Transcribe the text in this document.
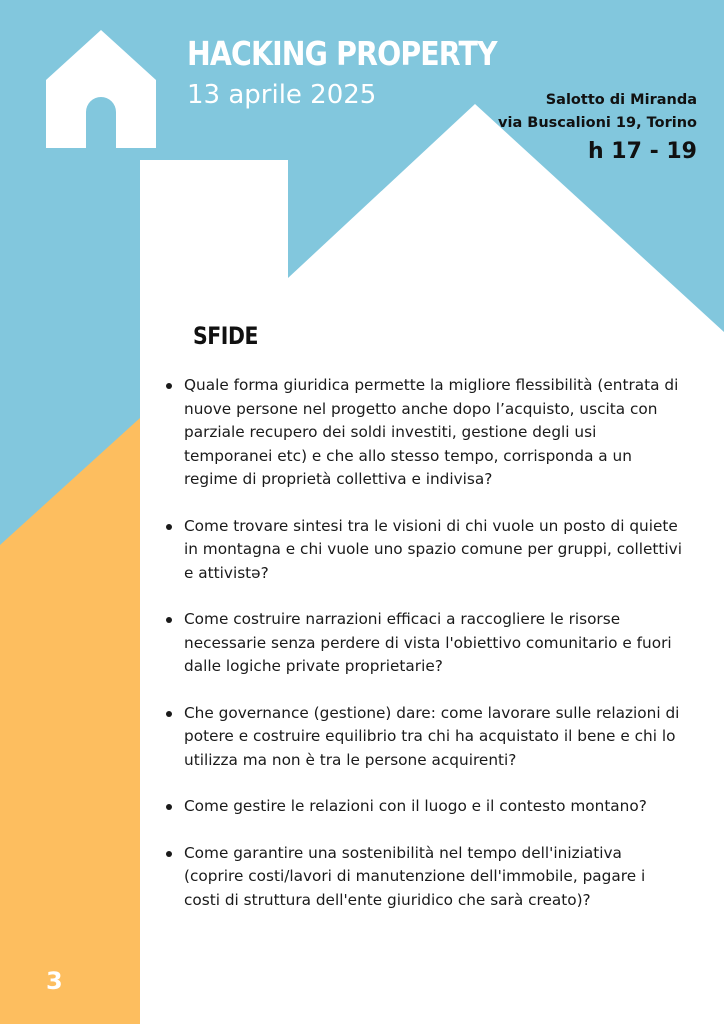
HACKING PROPERTY
13 aprile 2025	Salotto di Miranda
via Buscalioni 19, Torino
h 17 - 19
SFIDE
Quale forma giuridica permette la migliore flessibilità (entrata di nuove persone nel progetto anche dopo l’acquisto, uscita con parziale recupero dei soldi investiti, gestione degli usi temporanei etc) e che allo stesso tempo, corrisponda a un regime di proprietà collettiva e indivisa?
Come trovare sintesi tra le visioni di chi vuole un posto di quiete in montagna e chi vuole uno spazio comune per gruppi, collettivi e attivistə?
Come costruire narrazioni efficaci a raccogliere le risorse necessarie senza perdere di vista l'obiettivo comunitario e fuori dalle logiche private proprietarie?
Che governance (gestione) dare: come lavorare sulle relazioni di potere e costruire equilibrio tra chi ha acquistato il bene e chi lo utilizza ma non è tra le persone acquirenti?
Come gestire le relazioni con il luogo e il contesto montano?
Come garantire una sostenibilità nel tempo dell'iniziativa (coprire costi/lavori di manutenzione dell'immobile, pagare i costi di struttura dell'ente giuridico che sarà creato)?
3
